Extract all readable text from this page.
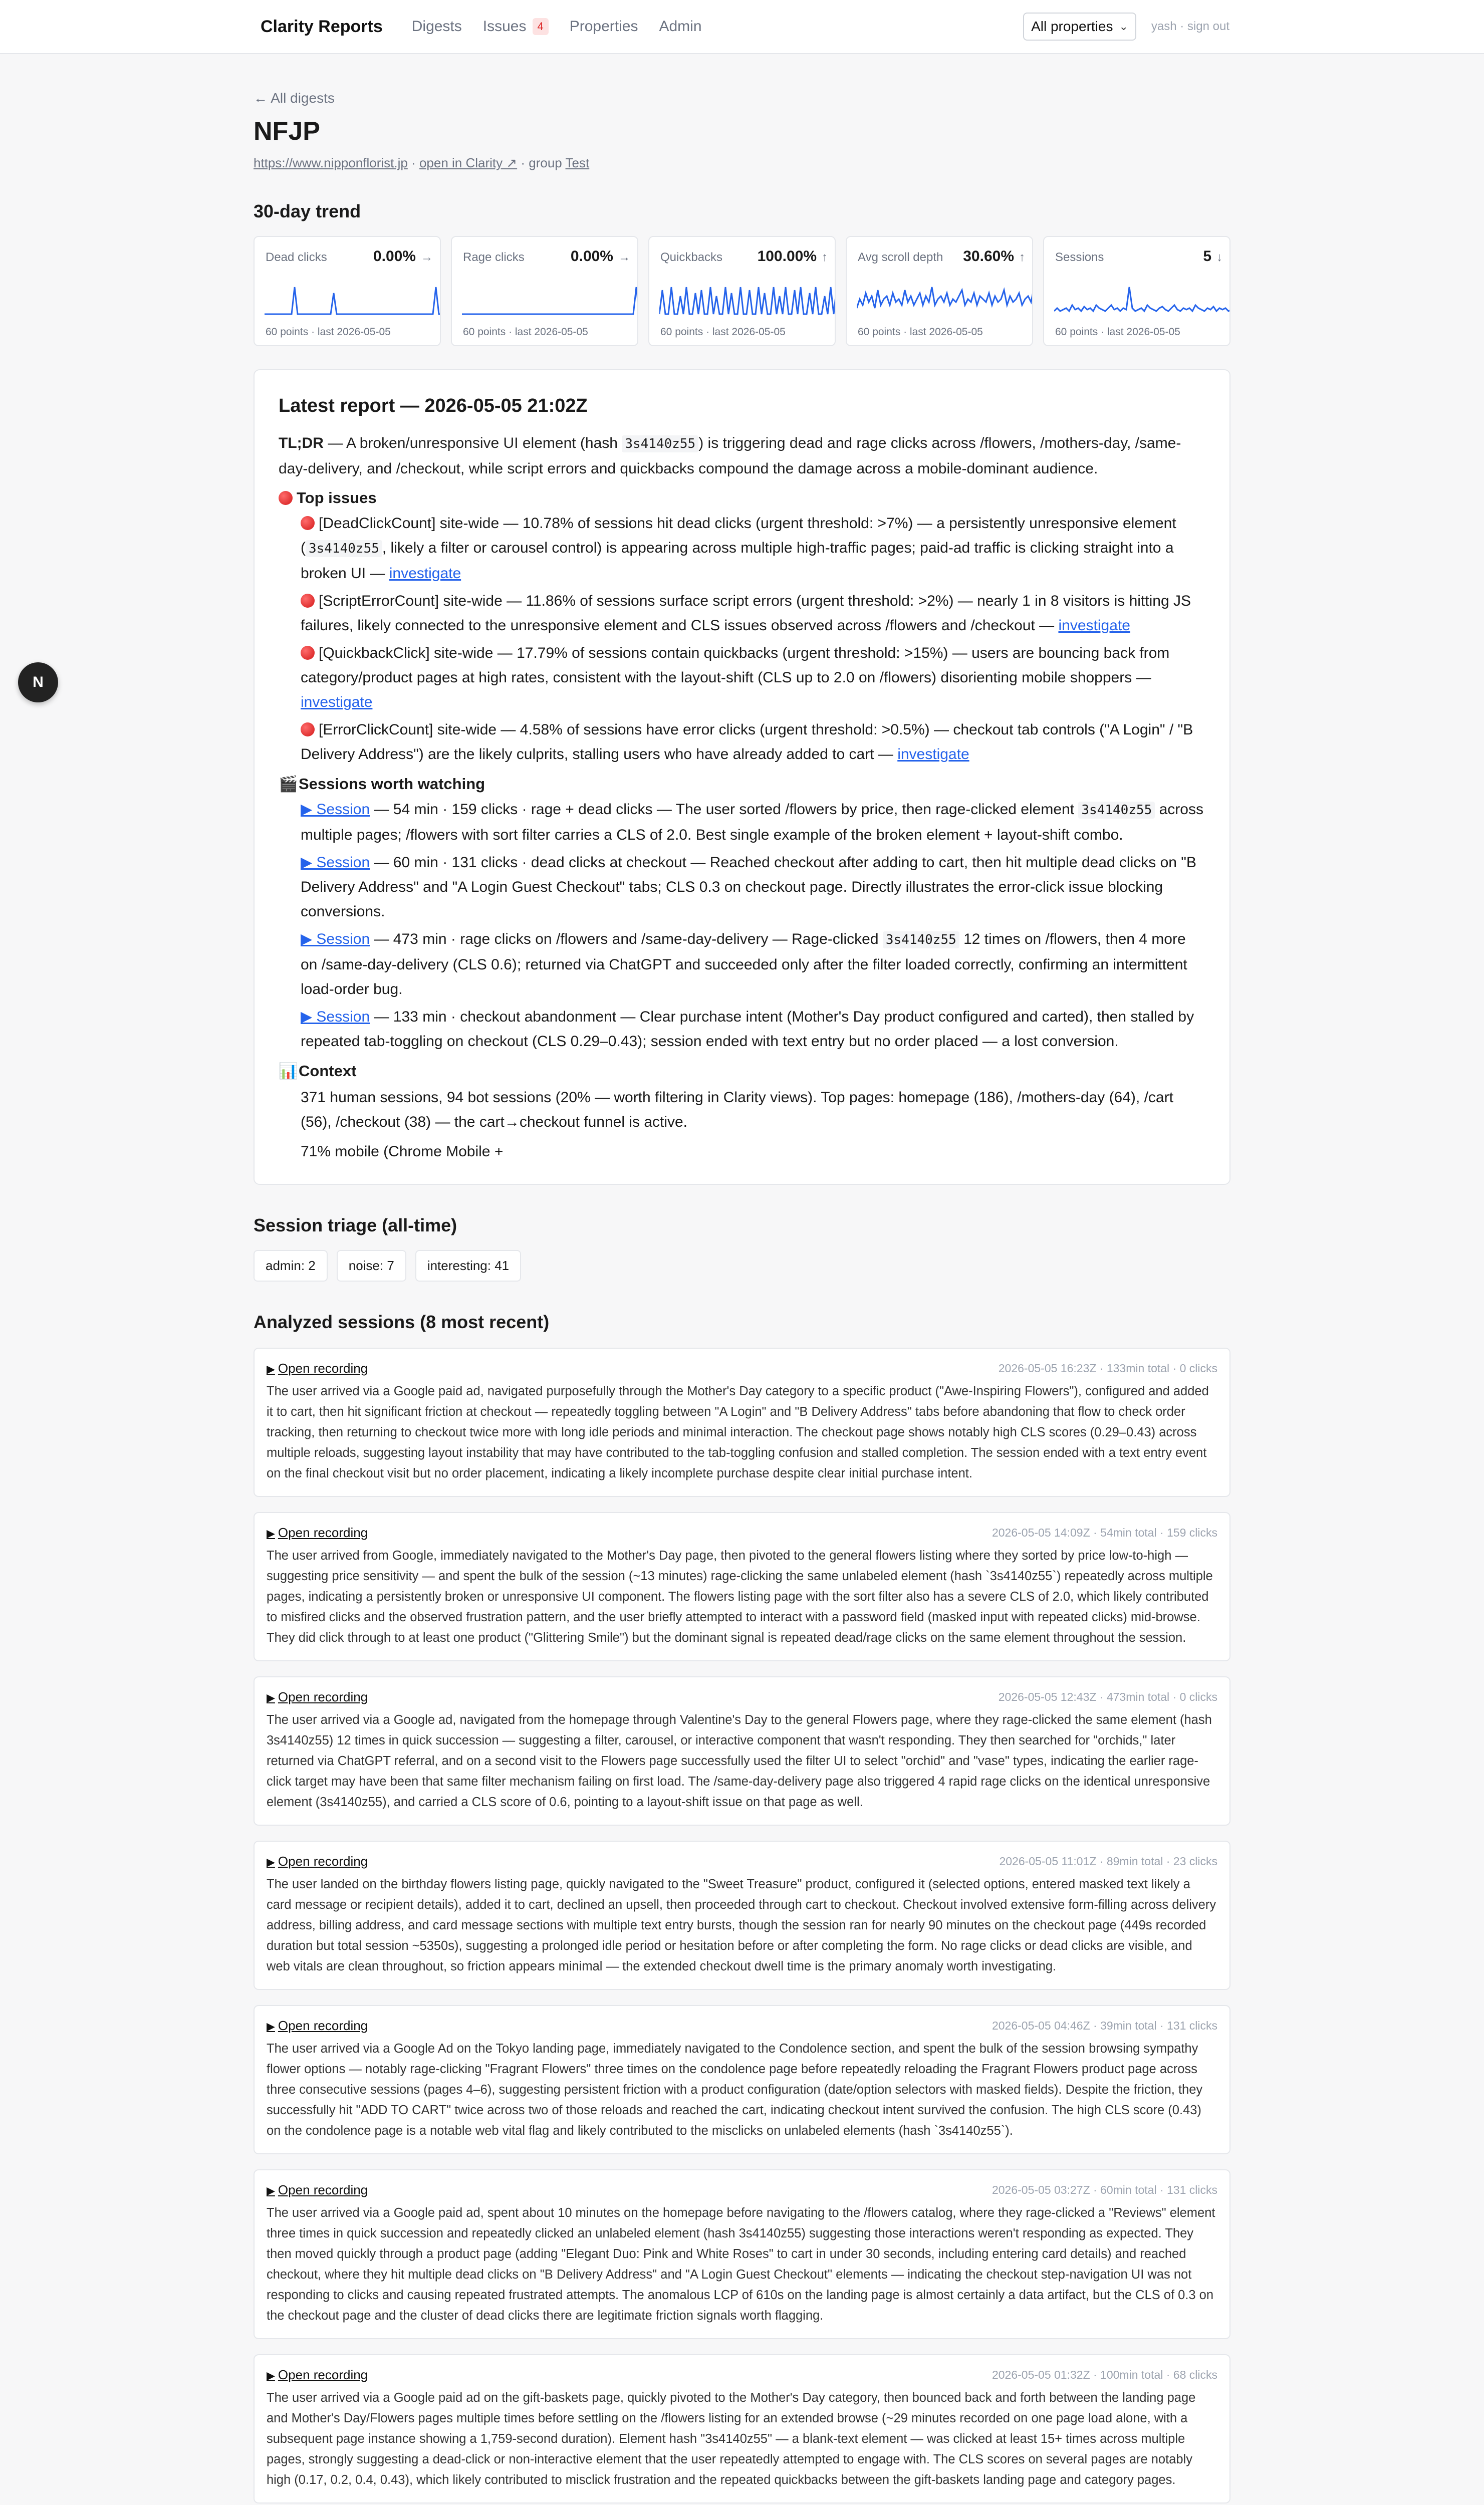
Clarity Reports Digests Issues	4	Properties Admin	All properties ⌄ yash · sign out
N
← All digests
NFJP
https://www.nipponflorist.jp · open in Clarity ↗ · group Test
30-day trend
Dead clicks	0.00% →
60 points · last 2026-05-05
Rage clicks	0.00% →
60 points · last 2026-05-05
Quickbacks 100.00% ↑
60 points · last 2026-05-05
Avg scroll depth 30.60% ↑
60 points · last 2026-05-05
Sessions	5 ↓
60 points · last 2026-05-05
Latest report — 2026-05-05 21:02Z

TL;DR — A broken/unresponsive UI element (hash 3s4140z55 ) is triggering dead and rage clicks across /flowers, /mothers-day, /same-day-delivery, and /checkout, while script errors and quickbacks compound the damage across a mobile-dominant audience.

Top issues
[DeadClickCount] site-wide — 10.78% of sessions hit dead clicks (urgent threshold: >7%) — a persistently unresponsive element ( 3s4140z55 , likely a filter or carousel control) is appearing across multiple high-traffic pages; paid-ad traffic is clicking straight into a broken UI — investigate
[ScriptErrorCount] site-wide — 11.86% of sessions surface script errors (urgent threshold: >2%) — nearly 1 in 8 visitors is hitting JS failures, likely connected to the unresponsive element and CLS issues observed across /flowers and /checkout — investigate
[QuickbackClick] site-wide — 17.79% of sessions contain quickbacks (urgent threshold: >15%) — users are bouncing back from category/product pages at high rates, consistent with the layout-shift (CLS up to 2.0 on /flowers) disorienting mobile shoppers — investigate
[ErrorClickCount] site-wide — 4.58% of sessions have error clicks (urgent threshold: >0.5%) — checkout tab controls ("A Login" / "B Delivery Address") are the likely culprits, stalling users who have already added to cart — investigate
🎬 Sessions worth watching
▶ Session — 54 min · 159 clicks · rage + dead clicks — The user sorted /flowers by price, then rage-clicked element 3s4140z55 across multiple pages; /flowers with sort filter carries a CLS of 2.0. Best single example of the broken element + layout-shift combo.
▶ Session — 60 min · 131 clicks · dead clicks at checkout — Reached checkout after adding to cart, then hit multiple dead clicks on "B Delivery Address" and "A Login Guest Checkout" tabs; CLS 0.3 on checkout page. Directly illustrates the error-click issue blocking conversions.
▶ Session — 473 min · rage clicks on /flowers and /same-day-delivery — Rage-clicked 3s4140z55 12 times on /flowers, then 4 more on /same-day-delivery (CLS 0.6); returned via ChatGPT and succeeded only after the filter loaded correctly, confirming an intermittent load-order bug.
▶ Session — 133 min · checkout abandonment — Clear purchase intent (Mother's Day product configured and carted), then stalled by repeated tab-toggling on checkout (CLS 0.29–0.43); session ended with text entry but no order placed — a lost conversion.
📊 Context
371 human sessions, 94 bot sessions (20% — worth filtering in Clarity views). Top pages: homepage (186), /mothers-day (64), /cart (56), /checkout (38) — the cart→checkout funnel is active.
71% mobile (Chrome Mobile +
Session triage (all-time)
admin: 2	noise: 7	interesting: 41
Analyzed sessions (8 most recent)
▶ Open recording	2026-05-05 16:23Z · 133min total · 0 clicks
The user arrived via a Google paid ad, navigated purposefully through the Mother's Day category to a specific product ("Awe-Inspiring Flowers"), configured and added it to cart, then hit significant friction at checkout — repeatedly toggling between "A Login" and "B Delivery Address" tabs before abandoning that flow to check order tracking, then returning to checkout twice more with long idle periods and minimal interaction. The checkout page shows notably high CLS scores (0.29–0.43) across multiple reloads, suggesting layout instability that may have contributed to the tab-toggling confusion and stalled completion. The session ended with a text entry event on the final checkout visit but no order placement, indicating a likely incomplete purchase despite clear initial purchase intent.
▶ Open recording	2026-05-05 14:09Z · 54min total · 159 clicks
The user arrived from Google, immediately navigated to the Mother's Day page, then pivoted to the general flowers listing where they sorted by price low-to-high — suggesting price sensitivity — and spent the bulk of the session (~13 minutes) rage-clicking the same unlabeled element (hash `3s4140z55`) repeatedly across multiple pages, indicating a persistently broken or unresponsive UI component. The flowers listing page with the sort filter also has a severe CLS of 2.0, which likely contributed to misfired clicks and the observed frustration pattern, and the user briefly attempted to interact with a password field (masked input with repeated clicks) mid-browse. They did click through to at least one product ("Glittering Smile") but the dominant signal is repeated dead/rage clicks on the same element throughout the session.
▶ Open recording	2026-05-05 12:43Z · 473min total · 0 clicks
The user arrived via a Google ad, navigated from the homepage through Valentine's Day to the general Flowers page, where they rage-clicked the same element (hash 3s4140z55) 12 times in quick succession — suggesting a filter, carousel, or interactive component that wasn't responding. They then searched for "orchids," later returned via ChatGPT referral, and on a second visit to the Flowers page successfully used the filter UI to select "orchid" and "vase" types, indicating the earlier rage-click target may have been that same filter mechanism failing on first load. The /same-day-delivery page also triggered 4 rapid rage clicks on the identical unresponsive element (3s4140z55), and carried a CLS score of 0.6, pointing to a layout-shift issue on that page as well.
▶ Open recording	2026-05-05 11:01Z · 89min total · 23 clicks
The user landed on the birthday flowers listing page, quickly navigated to the "Sweet Treasure" product, configured it (selected options, entered masked text likely a card message or recipient details), added it to cart, declined an upsell, then proceeded through cart to checkout. Checkout involved extensive form-filling across delivery address, billing address, and card message sections with multiple text entry bursts, though the session ran for nearly 90 minutes on the checkout page (449s recorded duration but total session ~5350s), suggesting a prolonged idle period or hesitation before or after completing the form. No rage clicks or dead clicks are visible, and web vitals are clean throughout, so friction appears minimal — the extended checkout dwell time is the primary anomaly worth investigating.
▶ Open recording	2026-05-05 04:46Z · 39min total · 131 clicks
The user arrived via a Google Ad on the Tokyo landing page, immediately navigated to the Condolence section, and spent the bulk of the session browsing sympathy flower options — notably rage-clicking "Fragrant Flowers" three times on the condolence page before repeatedly reloading the Fragrant Flowers product page across three consecutive sessions (pages 4–6), suggesting persistent friction with a product configuration (date/option selectors with masked fields). Despite the friction, they successfully hit "ADD TO CART" twice across two of those reloads and reached the cart, indicating checkout intent survived the confusion. The high CLS score (0.43) on the condolence page is a notable web vital flag and likely contributed to the misclicks on unlabeled elements (hash `3s4140z55`).
▶ Open recording	2026-05-05 03:27Z · 60min total · 131 clicks
The user arrived via a Google paid ad, spent about 10 minutes on the homepage before navigating to the /flowers catalog, where they rage-clicked a "Reviews" element three times in quick succession and repeatedly clicked an unlabeled element (hash 3s4140z55) suggesting those interactions weren't responding as expected. They then moved quickly through a product page (adding "Elegant Duo: Pink and White Roses" to cart in under 30 seconds, including entering card details) and reached checkout, where they hit multiple dead clicks on "B Delivery Address" and "A Login Guest Checkout" elements — indicating the checkout step-navigation UI was not responding to clicks and causing repeated frustrated attempts. The anomalous LCP of 610s on the landing page is almost certainly a data artifact, but the CLS of 0.3 on the checkout page and the cluster of dead clicks there are legitimate friction signals worth flagging.
▶ Open recording	2026-05-05 01:32Z · 100min total · 68 clicks
The user arrived via a Google paid ad on the gift-baskets page, quickly pivoted to the Mother's Day category, then bounced back and forth between the landing page and Mother's Day/Flowers pages multiple times before settling on the /flowers listing for an extended browse (~29 minutes recorded on one page load alone, with a subsequent page instance showing a 1,759-second duration). Element hash "3s4140z55" — a blank-text element — was clicked at least 15+ times across multiple pages, strongly suggesting a dead-click or non-interactive element that the user repeatedly attempted to engage with. The CLS scores on several pages are notably high (0.17, 0.2, 0.4, 0.43), which likely contributed to misclick frustration and the repeated quickbacks between the gift-baskets landing page and category pages.
